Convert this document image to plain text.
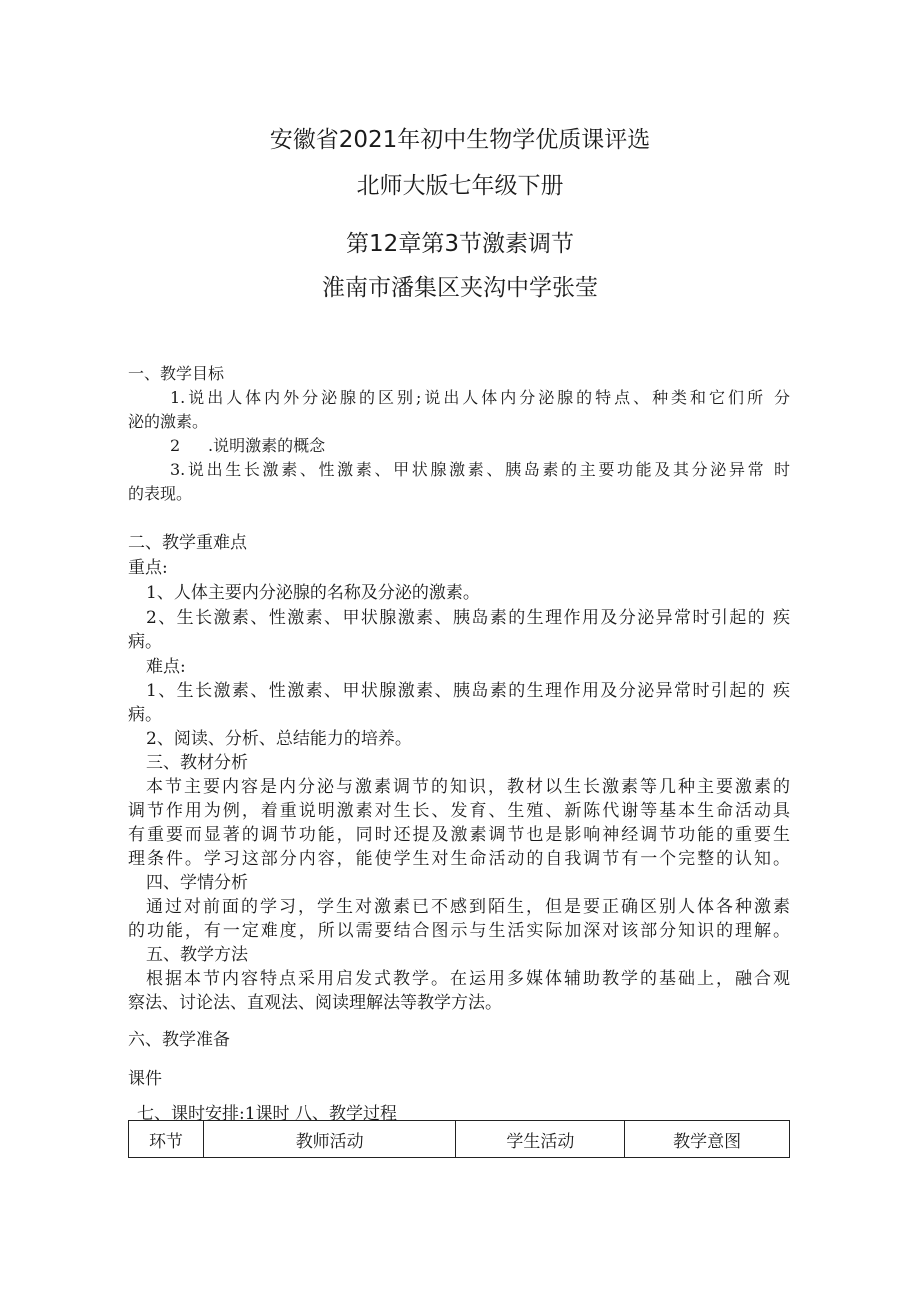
安徽省2021年初中生物学优质课评选
北师大版七年级下册
第12章第3节激素调节
淮南市潘集区夹沟中学张莹
一、教学目标
1.说出人体内外分泌腺的区别;说出人体内分泌腺的特点、种类和它们所 分
泌的激素。
2 .说明激素的概念
3.说出生长激素、性激素、甲状腺激素、胰岛素的主要功能及其分泌异常 时
的表现。
二、教学重难点
重点:
1、人体主要内分泌腺的名称及分泌的激素。
2、生长激素、性激素、甲状腺激素、胰岛素的生理作用及分泌异常时引起的 疾
病。
难点:
1、生长激素、性激素、甲状腺激素、胰岛素的生理作用及分泌异常时引起的 疾
病。
2、阅读、分析、总结能力的培养。
三、教材分析
本节主要内容是内分泌与激素调节的知识，教材以生长激素等几种主要激素的
调节作用为例，着重说明激素对生长、发育、生殖、新陈代谢等基本生命活动具
有重要而显著的调节功能，同时还提及激素调节也是影响神经调节功能的重要生
理条件。学习这部分内容，能使学生对生命活动的自我调节有一个完整的认知。
四、学情分析
通过对前面的学习，学生对激素已不感到陌生，但是要正确区别人体各种激素
的功能，有一定难度，所以需要结合图示与生活实际加深对该部分知识的理解。
五、教学方法
根据本节内容特点采用启发式教学。在运用多媒体辅助教学的基础上，融合观
察法、讨论法、直观法、阅读理解法等教学方法。
六、教学准备
课件
七、课时安排:1课时 八、教学过程
环节	教师活动	学生活动	教学意图
